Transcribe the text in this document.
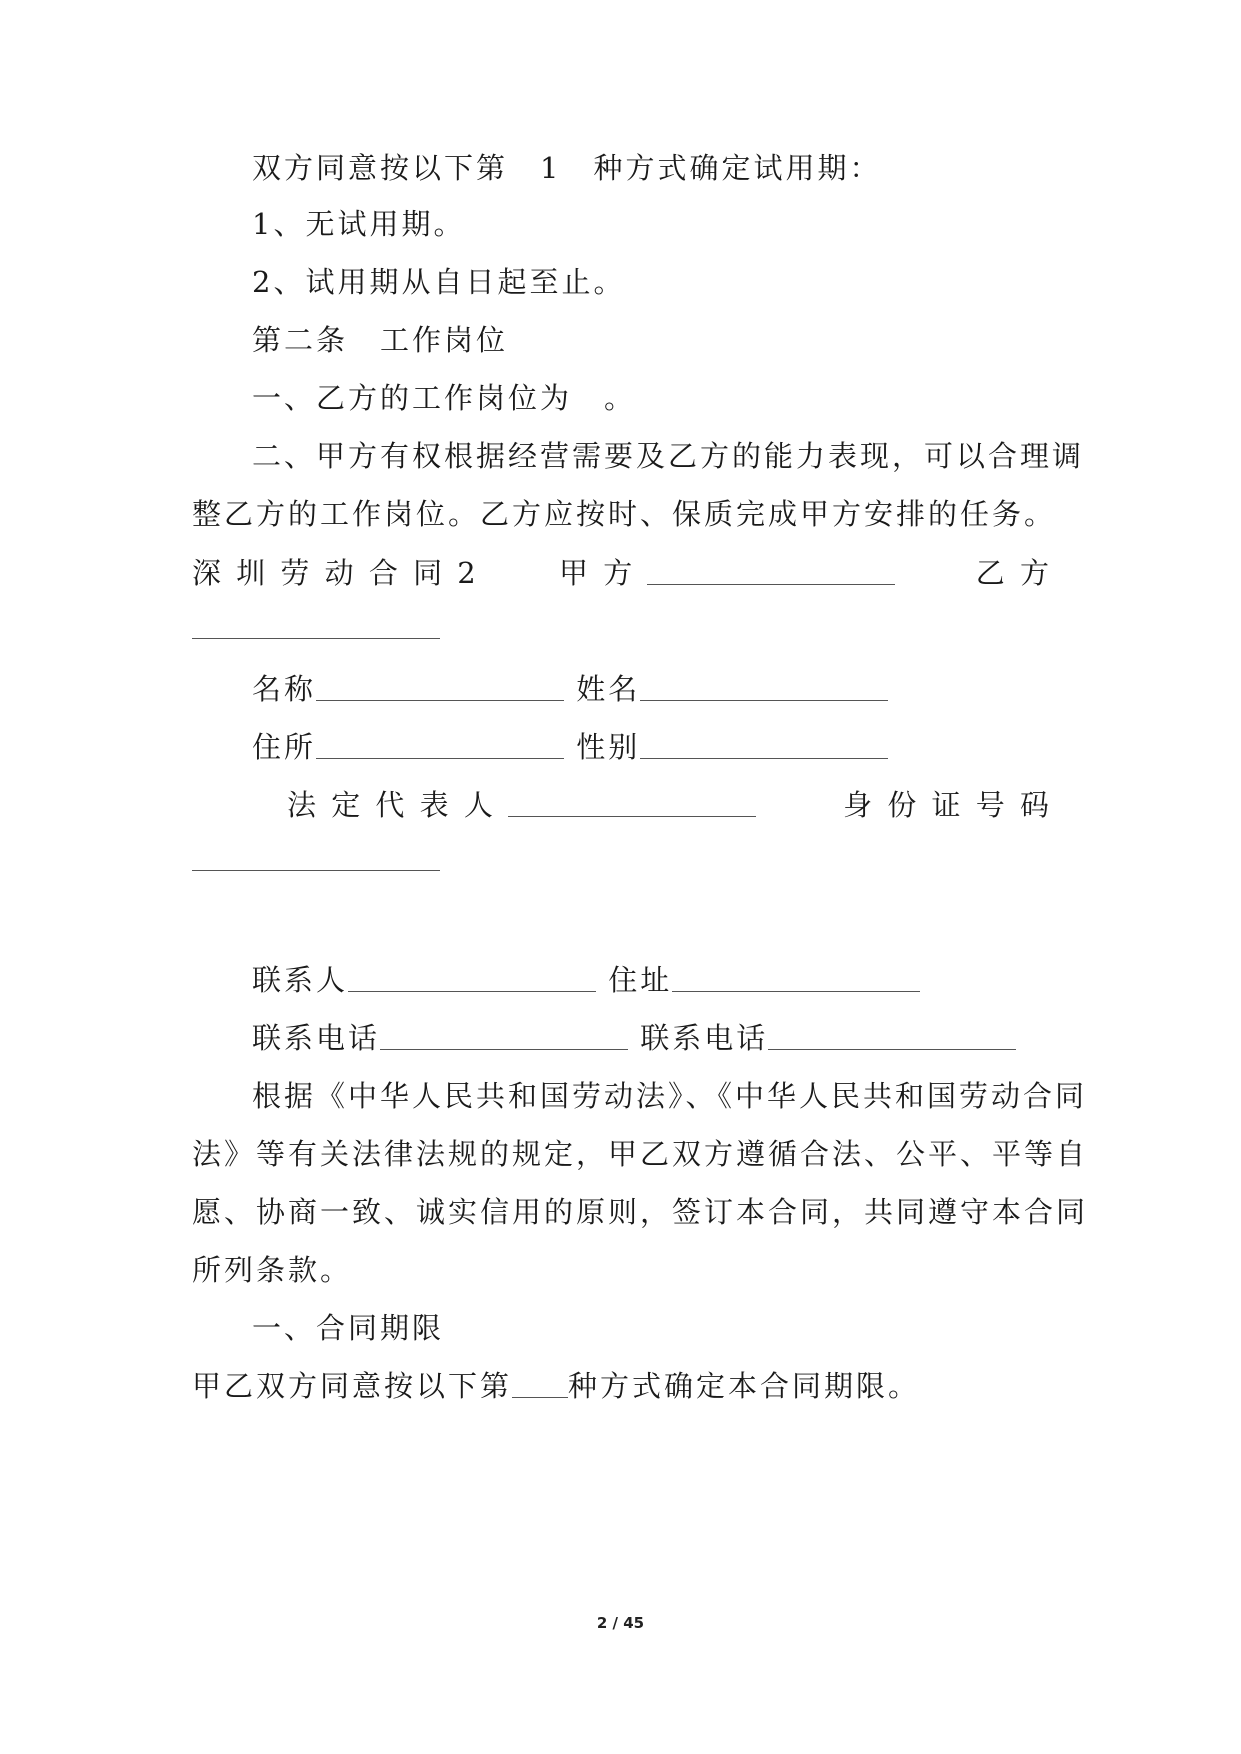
双方同意按以下第　1　种方式确定试用期：
1、无试用期。
2、试用期从自日起至止。
第二条　工作岗位
一、乙方的工作岗位为　。
二、甲方有权根据经营需要及乙方的能力表现，可以合理调
整乙方的工作岗位。乙方应按时、保质完成甲方安排的任务。
深 圳 劳 动 合 同 2	甲 方	乙 方
名称	姓名
住所	性别
法 定 代 表 人	身 份 证 号 码
联系人	住址
联系电话	联系电话
根据《中华人民共和国劳动法》、《中华人民共和国劳动合同
法》等有关法律法规的规定，甲乙双方遵循合法、公平、平等自
愿、协商一致、诚实信用的原则，签订本合同，共同遵守本合同
所列条款。
一、合同期限
甲乙双方同意按以下第 种方式确定本合同期限。
2 / 45
